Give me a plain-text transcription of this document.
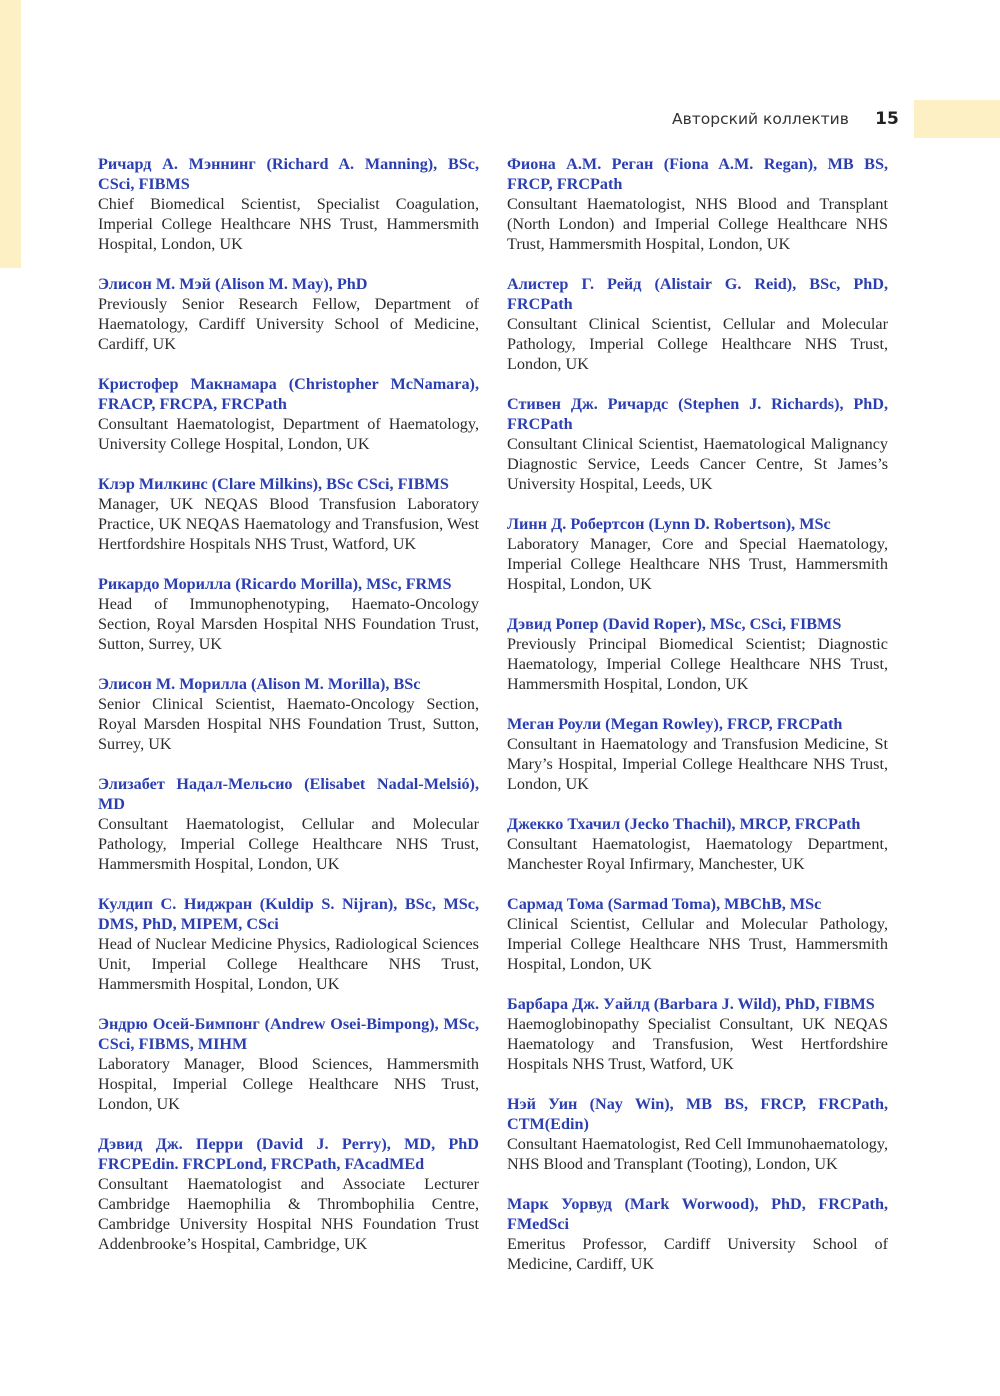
Авторский коллектив	15
Ричард А. Мэннинг (Richard A. Manning), BSc, CSci, FIBMS
Chief Biomedical Scientist, Specialist Coagulation, Imperial College Healthcare NHS Trust, Hammersmith Hospital, London, UK
Элисон М. Мэй (Alison M. May), PhD
Previously Senior Research Fellow, Department of Haematology, Cardiff University School of Medicine, Cardiff, UK
Кристофер Макнамара (Christopher McNamara), FRACP, FRCPA, FRCPath
Consultant Haematologist, Department of Haematology, University College Hospital, London, UK
Клэр Милкинс (Clare Milkins), BSc CSci, FIBMS
Manager, UK NEQAS Blood Transfusion Laboratory Practice, UK NEQAS Haematology and Transfusion, West Hertfordshire Hospitals NHS Trust, Watford, UK
Рикардо Морилла (Ricardo Morilla), MSc, FRMS
Head of Immunophenotyping, Haemato-Oncology Section, Royal Marsden Hospital NHS Foundation Trust, Sutton, Surrey, UK
Элисон М. Морилла (Alison M. Morilla), BSc
Senior Clinical Scientist, Haemato-Oncology Section, Royal Marsden Hospital NHS Foundation Trust, Sutton, Surrey, UK
Элизабет Надал-Мельсио (Elisabet Nadal-Melsió), MD
Consultant Haematologist, Cellular and Molecular Pathology, Imperial College Healthcare NHS Trust, Hammersmith Hospital, London, UK
Кулдип С. Ниджран (Kuldip S. Nijran), BSc, MSc, DMS, PhD, MIPEM, CSci
Head of Nuclear Medicine Physics, Radiological Sciences Unit, Imperial College Healthcare NHS Trust, Hammersmith Hospital, London, UK
Эндрю Осей-Бимпонг (Andrew Osei-Bimpong), MSc, CSci, FIBMS, MIHM
Laboratory Manager, Blood Sciences, Hammersmith Hospital, Imperial College Healthcare NHS Trust, London, UK
Дэвид Дж. Перри (David J. Perry), MD, PhD FRCPEdin. FRCPLond, FRCPath, FAcadMEd
Consultant Haematologist and Associate Lecturer Cambridge Haemophilia & Thrombophilia Centre, Cambridge University Hospital NHS Foundation Trust Addenbrooke’s Hospital, Cambridge, UK
Фиона А.М. Реган (Fiona A.M. Regan), MB BS, FRCP, FRCPath
Consultant Haematologist, NHS Blood and Transplant (North London) and Imperial College Healthcare NHS Trust, Hammersmith Hospital, London, UK
Алистер Г. Рейд (Alistair G. Reid), BSc, PhD, FRCPath
Consultant Clinical Scientist, Cellular and Molecular Pathology, Imperial College Healthcare NHS Trust, London, UK
Стивен Дж. Ричардс (Stephen J. Richards), PhD, FRCPath
Consultant Clinical Scientist, Haematological Malignancy Diagnostic Service, Leeds Cancer Centre, St James’s University Hospital, Leeds, UK
Линн Д. Робертсон (Lynn D. Robertson), MSc
Laboratory Manager, Core and Special Haematology, Imperial College Healthcare NHS Trust, Hammersmith Hospital, London, UK
Дэвид Ропер (David Roper), MSc, CSci, FIBMS
Previously Principal Biomedical Scientist; Diagnostic Haematology, Imperial College Healthcare NHS Trust, Hammersmith Hospital, London, UK
Меган Роули (Megan Rowley), FRCP, FRCPath
Consultant in Haematology and Transfusion Medicine, St Mary’s Hospital, Imperial College Healthcare NHS Trust, London, UK
Джекко Тхачил (Jecko Thachil), MRCP, FRCPath
Consultant Haematologist, Haematology Department, Manchester Royal Infirmary, Manchester, UK
Сармад Тома (Sarmad Toma), MBChB, MSc
Clinical Scientist, Cellular and Molecular Pathology, Imperial College Healthcare NHS Trust, Hammersmith Hospital, London, UK
Барбара Дж. Уайлд (Barbara J. Wild), PhD, FIBMS
Haemoglobinopathy Specialist Consultant, UK NEQAS Haematology and Transfusion, West Hertfordshire Hospitals NHS Trust, Watford, UK
Нэй Уин (Nay Win), MB BS, FRCP, FRCPath, CTM(Edin)
Consultant Haematologist, Red Cell Immunohaematology, NHS Blood and Transplant (Tooting), London, UK
Марк Уорвуд (Mark Worwood), PhD, FRCPath, FMedSci
Emeritus Professor, Cardiff University School of Medicine, Cardiff, UK
